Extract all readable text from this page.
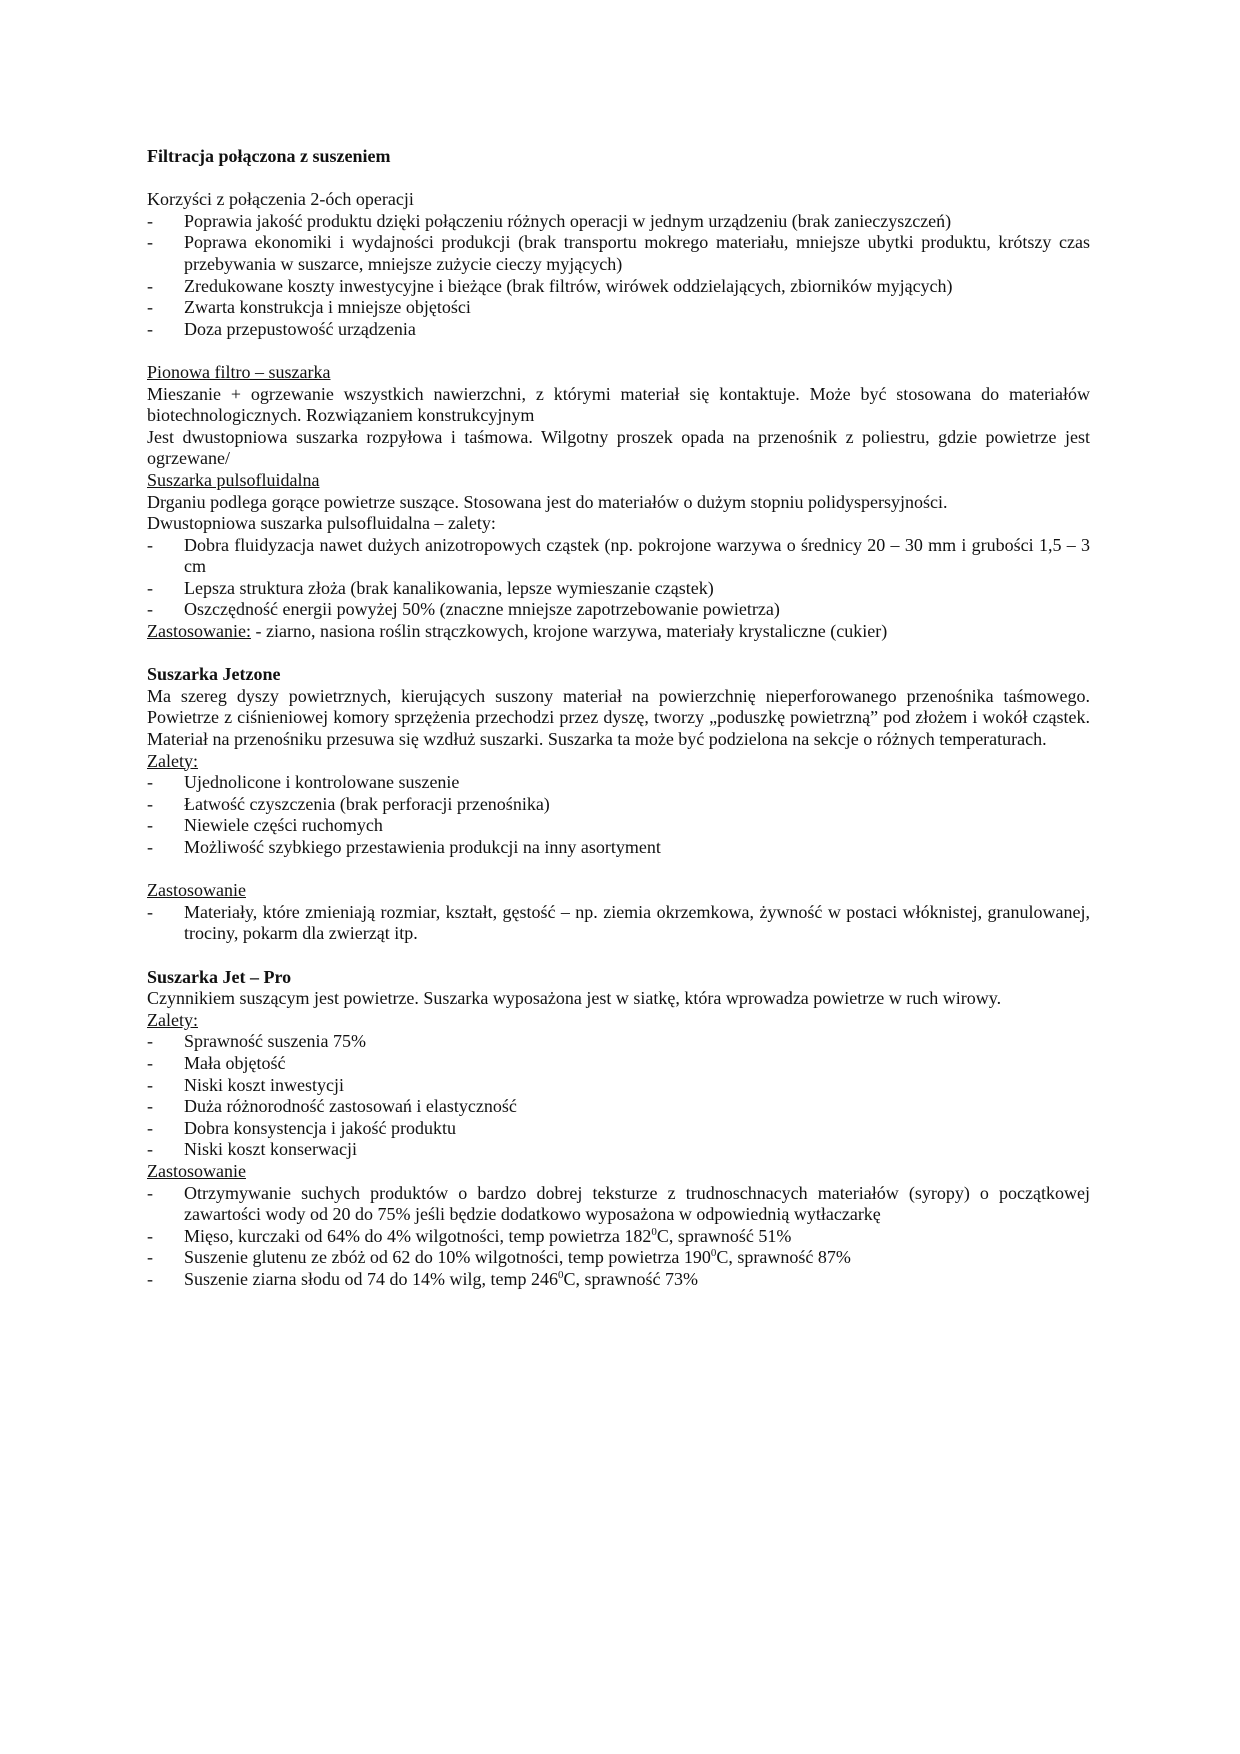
Filtracja połączona z suszeniem
Korzyści z połączenia 2-óch operacji
- Poprawia jakość produktu dzięki połączeniu różnych operacji w jednym urządzeniu (brak zanieczyszczeń)
- Poprawa ekonomiki i wydajności produkcji (brak transportu mokrego materiału, mniejsze ubytki produktu, krótszy czas przebywania w suszarce, mniejsze zużycie cieczy myjących)
- Zredukowane koszty inwestycyjne i bieżące (brak filtrów, wirówek oddzielających, zbiorników myjących)
- Zwarta konstrukcja i mniejsze objętości
- Doza przepustowość urządzenia
Pionowa filtro – suszarka
Mieszanie + ogrzewanie wszystkich nawierzchni, z którymi materiał się kontaktuje. Może być stosowana do materiałów biotechnologicznych. Rozwiązaniem konstrukcyjnym
Jest dwustopniowa suszarka rozpyłowa i taśmowa. Wilgotny proszek opada na przenośnik z poliestru, gdzie powietrze jest ogrzewane/
Suszarka pulsofluidalna
Drganiu podlega gorące powietrze suszące. Stosowana jest do materiałów o dużym stopniu polidyspersyjności.
Dwustopniowa suszarka pulsofluidalna – zalety:
- Dobra fluidyzacja nawet dużych anizotropowych cząstek (np. pokrojone warzywa o średnicy 20 – 30 mm i grubości 1,5 – 3 cm
- Lepsza struktura złoża (brak kanalikowania, lepsze wymieszanie cząstek)
- Oszczędność energii powyżej 50% (znaczne mniejsze zapotrzebowanie powietrza)
Zastosowanie: - ziarno, nasiona roślin strączkowych, krojone warzywa, materiały krystaliczne (cukier)
Suszarka Jetzone
Ma szereg dyszy powietrznych, kierujących suszony materiał na powierzchnię nieperforowanego przenośnika taśmowego. Powietrze z ciśnieniowej komory sprzężenia przechodzi przez dyszę, tworzy „poduszkę powietrzną” pod złożem i wokół cząstek. Materiał na przenośniku przesuwa się wzdłuż suszarki. Suszarka ta może być podzielona na sekcje o różnych temperaturach.
Zalety:
- Ujednolicone i kontrolowane suszenie
- Łatwość czyszczenia (brak perforacji przenośnika)
- Niewiele części ruchomych
- Możliwość szybkiego przestawienia produkcji na inny asortyment
Zastosowanie
- Materiały, które zmieniają rozmiar, kształt, gęstość – np. ziemia okrzemkowa, żywność w postaci włóknistej, granulowanej, trociny, pokarm dla zwierząt itp.
Suszarka Jet – Pro
Czynnikiem suszącym jest powietrze. Suszarka wyposażona jest w siatkę, która wprowadza powietrze w ruch wirowy.
Zalety:
- Sprawność suszenia 75%
- Mała objętość
- Niski koszt inwestycji
- Duża różnorodność zastosowań i elastyczność
- Dobra konsystencja i jakość produktu
- Niski koszt konserwacji
Zastosowanie
- Otrzymywanie suchych produktów o bardzo dobrej teksturze z trudnoschnacych materiałów (syropy) o początkowej zawartości wody od 20 do 75% jeśli będzie dodatkowo wyposażona w odpowiednią wytłaczarkę
- Mięso, kurczaki od 64% do 4% wilgotności, temp powietrza $182^0C$, sprawność 51%
- Suszenie glutenu ze zbóż od 62 do 10% wilgotności, temp powietrza $190^0C$, sprawność 87%
- Suszenie ziarna słodu od 74 do 14% wilg, temp $246^0C$, sprawność 73%
